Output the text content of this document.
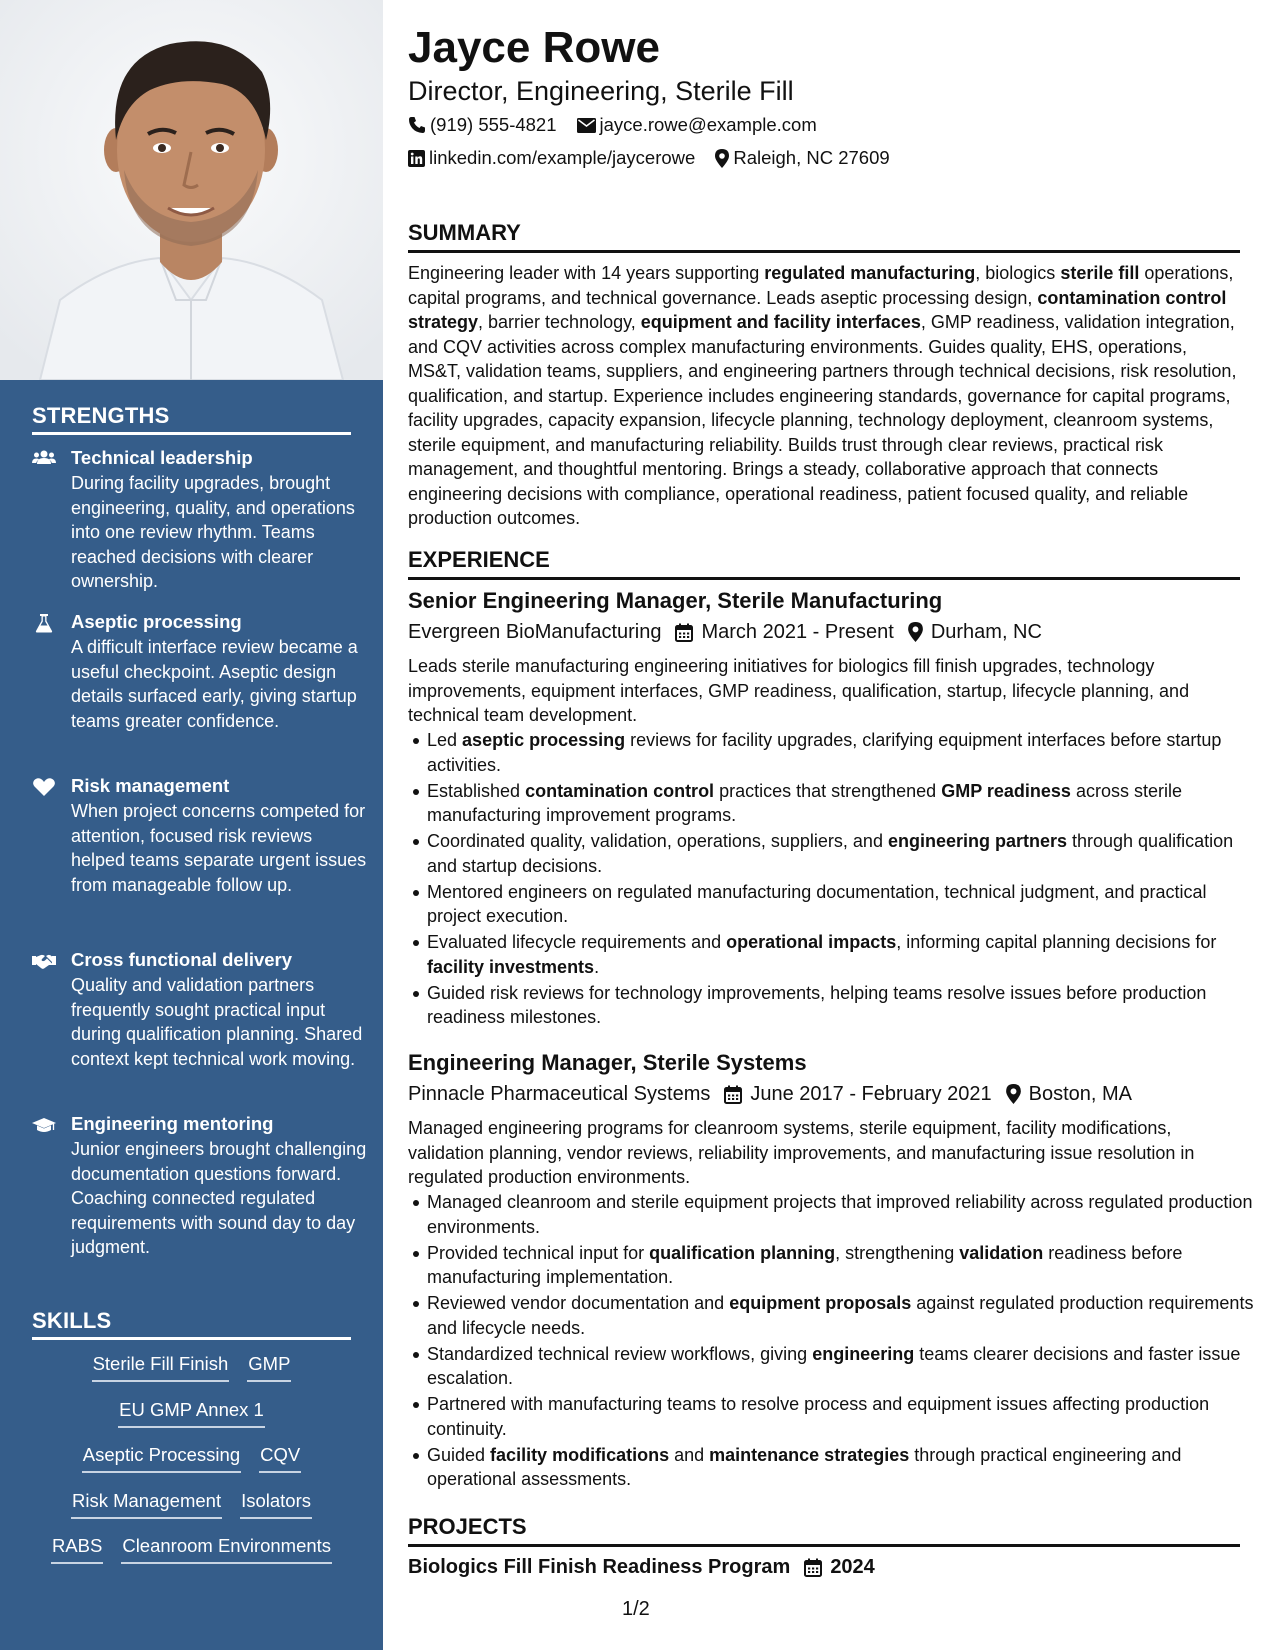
STRENGTHS
Technical leadership
During facility upgrades, brought engineering, quality, and operations into one review rhythm. Teams reached decisions with clearer ownership.
Aseptic processing
A difficult interface review became a useful checkpoint. Aseptic design details surfaced early, giving startup teams greater confidence.
Risk management
When project concerns competed for attention, focused risk reviews helped teams separate urgent issues from manageable follow up.
Cross functional delivery
Quality and validation partners frequently sought practical input during qualification planning. Shared context kept technical work moving.
Engineering mentoring
Junior engineers brought challenging documentation questions forward. Coaching connected regulated requirements with sound day to day judgment.
SKILLS
Sterile Fill Finish GMP
EU GMP Annex 1
Aseptic Processing CQV
Risk Management Isolators
RABS Cleanroom Environments
Jayce Rowe
Director, Engineering, Sterile Fill
(919) 555-4821 jayce.rowe@example.com
linkedin.com/example/jaycerowe Raleigh, NC 27609
SUMMARY
Engineering leader with 14 years supporting regulated manufacturing, biologics sterile fill operations, capital programs, and technical governance. Leads aseptic processing design, contamination control strategy, barrier technology, equipment and facility interfaces, GMP readiness, validation integration, and CQV activities across complex manufacturing environments. Guides quality, EHS, operations, MS&T, validation teams, suppliers, and engineering partners through technical decisions, risk resolution, qualification, and startup. Experience includes engineering standards, governance for capital programs, facility upgrades, capacity expansion, lifecycle planning, technology deployment, cleanroom systems, sterile equipment, and manufacturing reliability. Builds trust through clear reviews, practical risk management, and thoughtful mentoring. Brings a steady, collaborative approach that connects engineering decisions with compliance, operational readiness, patient focused quality, and reliable production outcomes.
EXPERIENCE
Senior Engineering Manager, Sterile Manufacturing
Evergreen BioManufacturing March 2021 - Present Durham, NC
Leads sterile manufacturing engineering initiatives for biologics fill finish upgrades, technology improvements, equipment interfaces, GMP readiness, qualification, startup, lifecycle planning, and technical team development.
Led aseptic processing reviews for facility upgrades, clarifying equipment interfaces before startup activities.
Established contamination control practices that strengthened GMP readiness across sterile manufacturing improvement programs.
Coordinated quality, validation, operations, suppliers, and engineering partners through qualification and startup decisions.
Mentored engineers on regulated manufacturing documentation, technical judgment, and practical project execution.
Evaluated lifecycle requirements and operational impacts, informing capital planning decisions for facility investments.
Guided risk reviews for technology improvements, helping teams resolve issues before production readiness milestones.
Engineering Manager, Sterile Systems
Pinnacle Pharmaceutical Systems June 2017 - February 2021 Boston, MA
Managed engineering programs for cleanroom systems, sterile equipment, facility modifications, validation planning, vendor reviews, reliability improvements, and manufacturing issue resolution in regulated production environments.
Managed cleanroom and sterile equipment projects that improved reliability across regulated production environments.
Provided technical input for qualification planning, strengthening validation readiness before manufacturing implementation.
Reviewed vendor documentation and equipment proposals against regulated production requirements and lifecycle needs.
Standardized technical review workflows, giving engineering teams clearer decisions and faster issue escalation.
Partnered with manufacturing teams to resolve process and equipment issues affecting production continuity.
Guided facility modifications and maintenance strategies through practical engineering and operational assessments.
PROJECTS
Biologics Fill Finish Readiness Program 2024
1/2
